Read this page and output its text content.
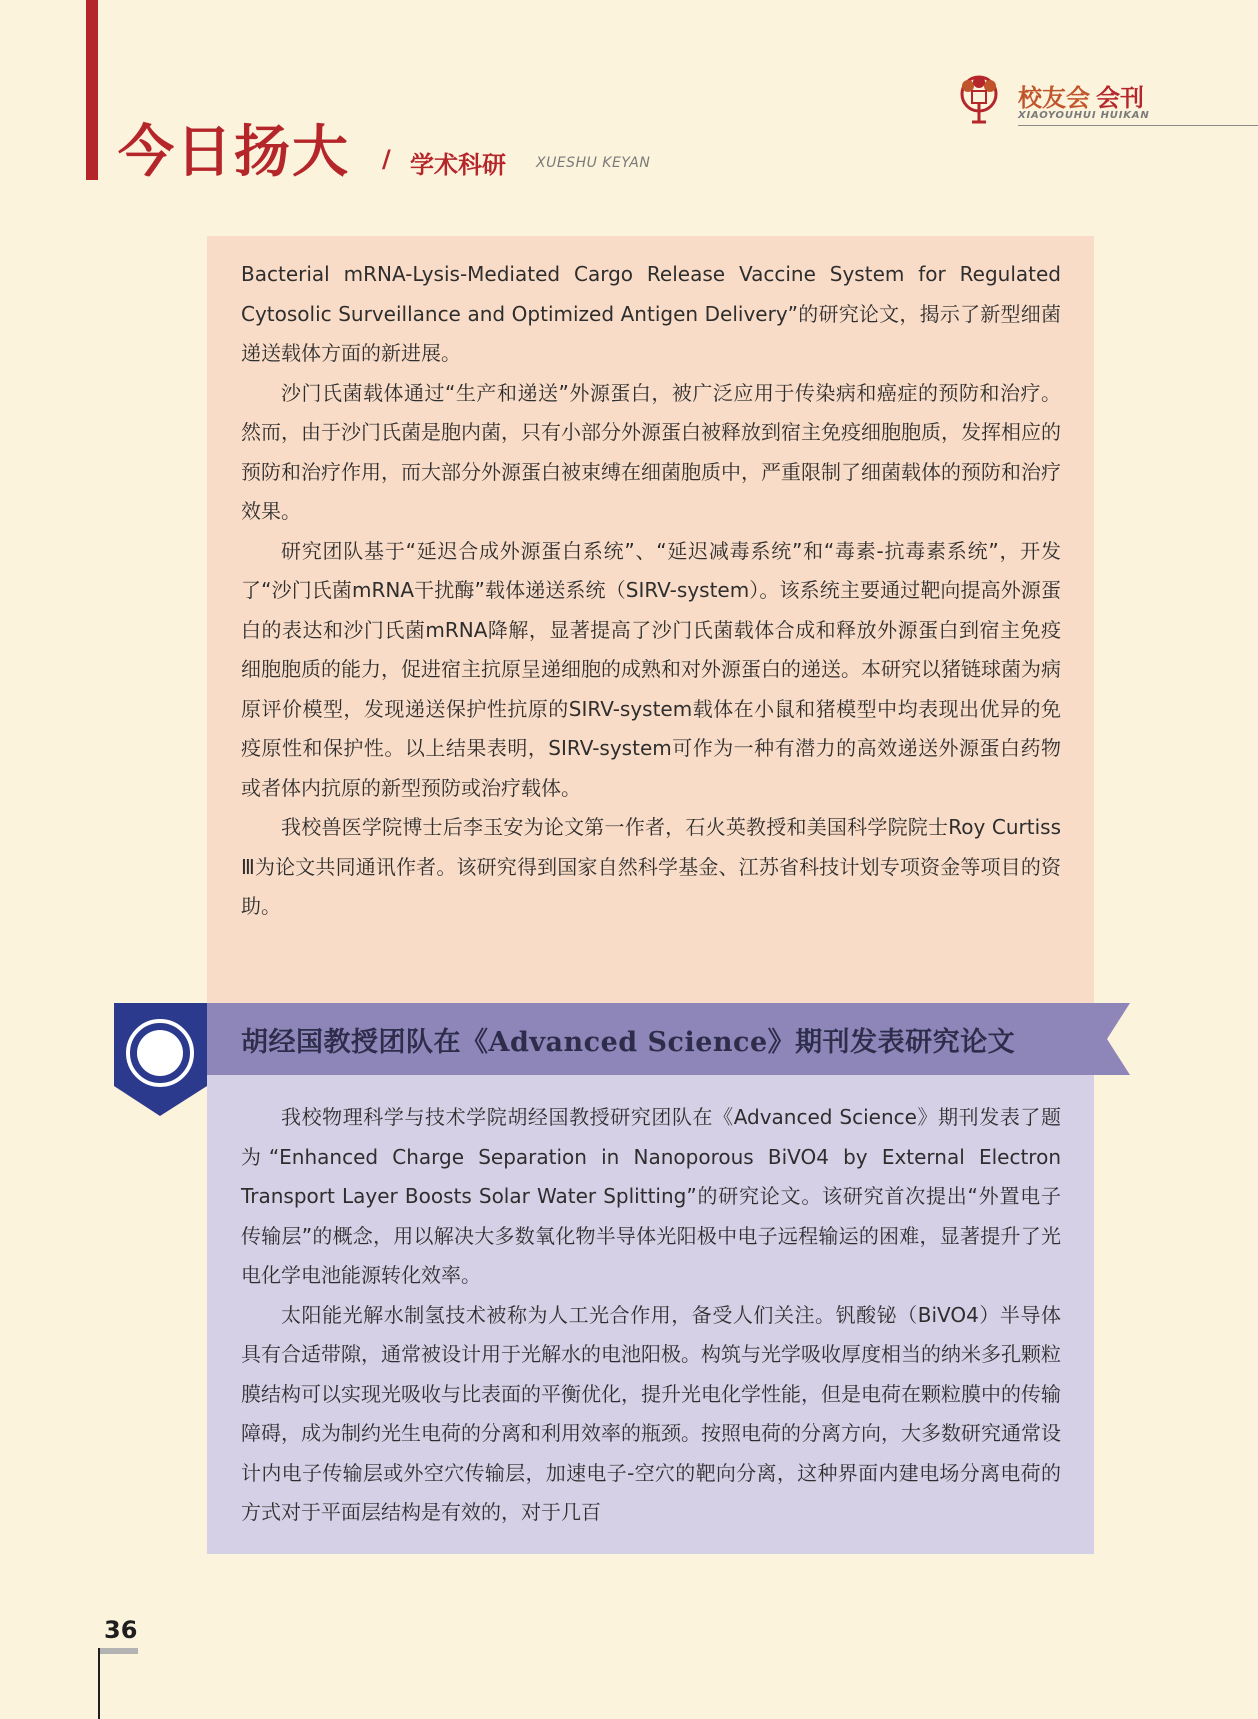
今日扬大 / 学术科研 XUESHU KEYAN
校友会 会刊
XIAOYOUHUI HUIKAN

Bacterial mRNA-Lysis-Mediated Cargo Release Vaccine System for Regulated Cytosolic Surveillance and Optimized Antigen Delivery”的研究论文，揭示了新型细菌递送载体方面的新进展。

沙门氏菌载体通过“生产和递送”外源蛋白，被广泛应用于传染病和癌症的预防和治疗。然而，由于沙门氏菌是胞内菌，只有小部分外源蛋白被释放到宿主免疫细胞胞质，发挥相应的预防和治疗作用，而大部分外源蛋白被束缚在细菌胞质中，严重限制了细菌载体的预防和治疗效果。

研究团队基于“延迟合成外源蛋白系统”、“延迟减毒系统”和“毒素-抗毒素系统”，开发了“沙门氏菌mRNA干扰酶”载体递送系统（SIRV-system）。该系统主要通过靶向提高外源蛋白的表达和沙门氏菌mRNA降解，显著提高了沙门氏菌载体合成和释放外源蛋白到宿主免疫细胞胞质的能力，促进宿主抗原呈递细胞的成熟和对外源蛋白的递送。本研究以猪链球菌为病原评价模型，发现递送保护性抗原的SIRV-system载体在小鼠和猪模型中均表现出优异的免疫原性和保护性。以上结果表明，SIRV-system可作为一种有潜力的高效递送外源蛋白药物或者体内抗原的新型预防或治疗载体。

我校兽医学院博士后李玉安为论文第一作者，石火英教授和美国科学院院士Roy Curtiss Ⅲ为论文共同通讯作者。该研究得到国家自然科学基金、江苏省科技计划专项资金等项目的资助。

胡经国教授团队在《Advanced Science》期刊发表研究论文

我校物理科学与技术学院胡经国教授研究团队在《Advanced Science》期刊发表了题为“Enhanced Charge Separation in Nanoporous BiVO4 by External Electron Transport Layer Boosts Solar Water Splitting”的研究论文。该研究首次提出“外置电子传输层”的概念，用以解决大多数氧化物半导体光阳极中电子远程输运的困难，显著提升了光电化学电池能源转化效率。

太阳能光解水制氢技术被称为人工光合作用，备受人们关注。钒酸铋（BiVO4）半导体具有合适带隙，通常被设计用于光解水的电池阳极。构筑与光学吸收厚度相当的纳米多孔颗粒膜结构可以实现光吸收与比表面的平衡优化，提升光电化学性能，但是电荷在颗粒膜中的传输障碍，成为制约光生电荷的分离和利用效率的瓶颈。按照电荷的分离方向，大多数研究通常设计内电子传输层或外空穴传输层，加速电子-空穴的靶向分离，这种界面内建电场分离电荷的方式对于平面层结构是有效的，对于几百

36
